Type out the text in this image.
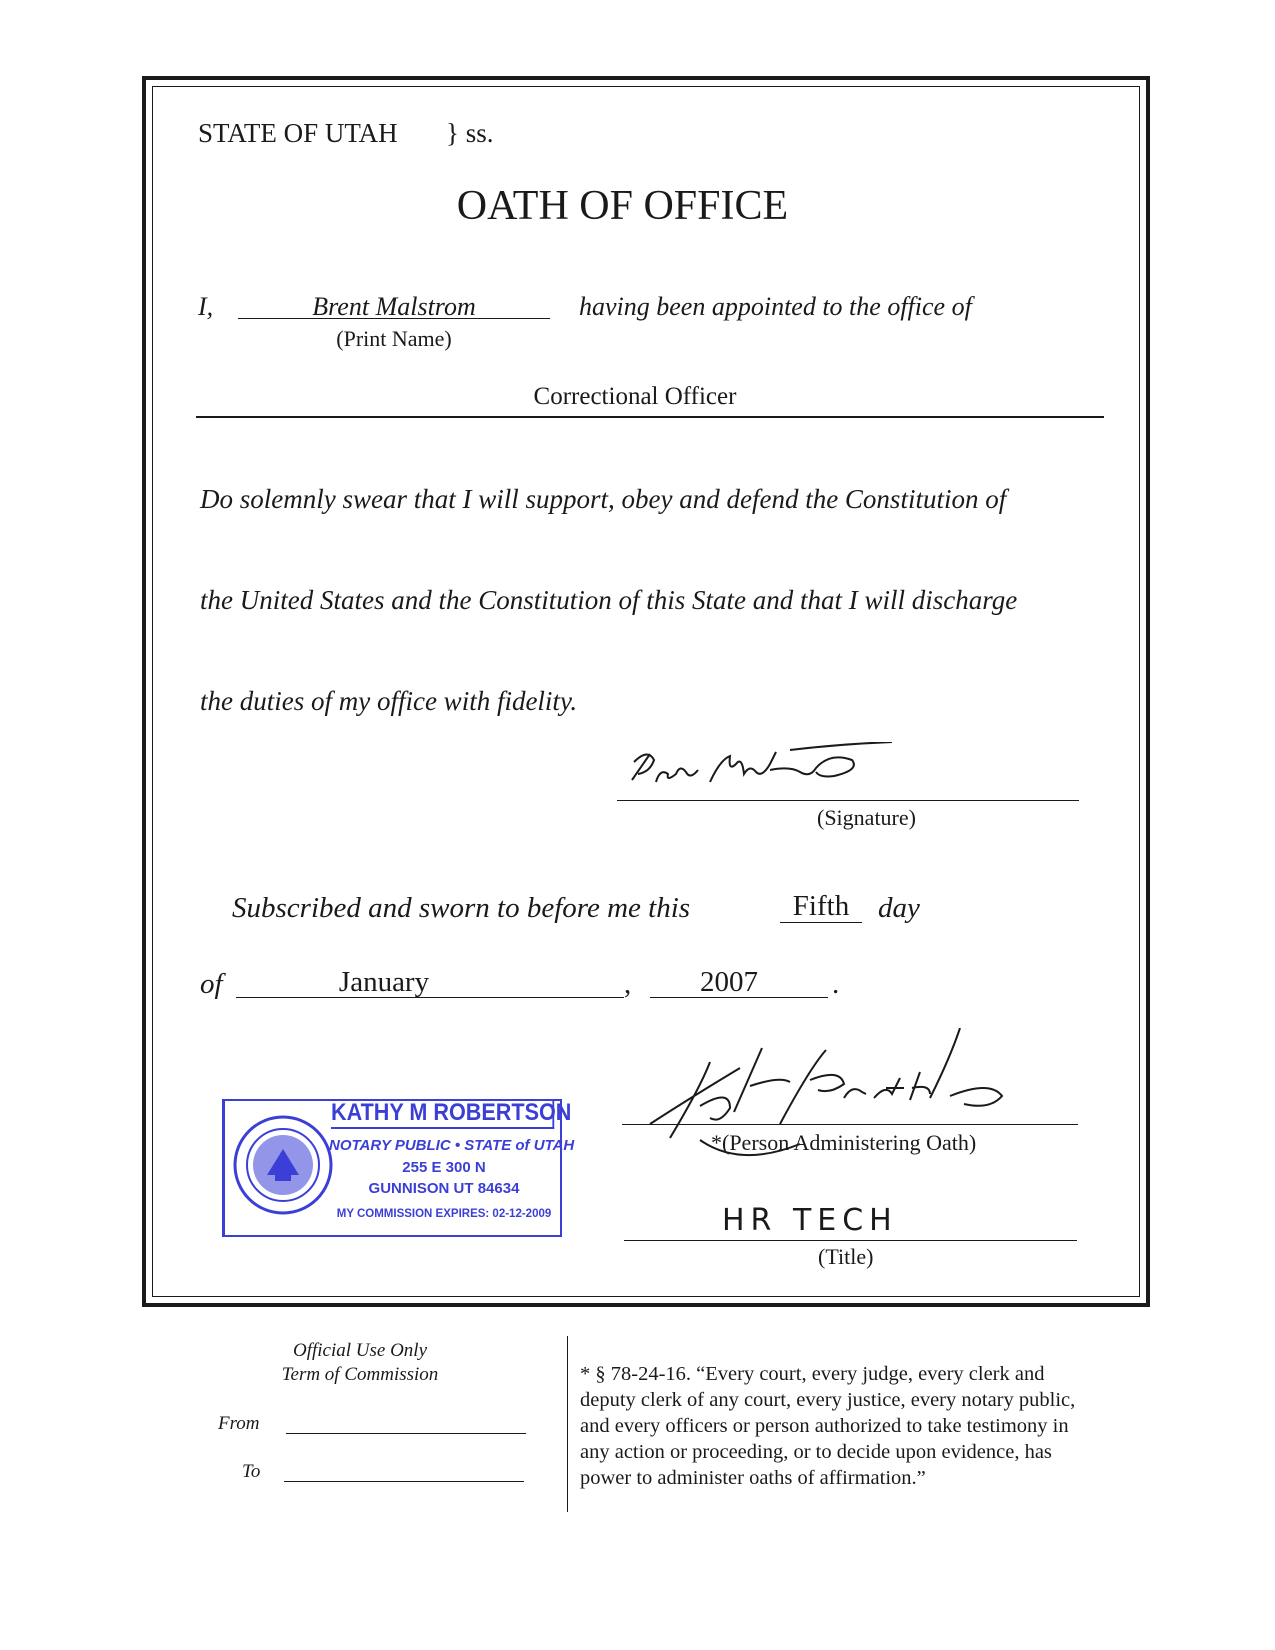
STATE OF UTAH } ss.
OATH OF OFFICE
I,	Brent Malstrom
(Print Name)
having been appointed to the office of
Correctional Officer
Do solemnly swear that I will support, obey and defend the Constitution of
the United States and the Constitution of this State and that I will discharge
the duties of my office with fidelity.
(Signature)
Subscribed and sworn to before me this	Fifth day
of	January	,	2007	.
KATHY M ROBERTSON
NOTARY PUBLIC • STATE of UTAH
255 E 300 N
GUNNISON UT 84634
MY COMMISSION EXPIRES: 02-12-2009
*(Person Administering Oath)
HR TECH
(Title)
Official Use Only
Term of Commission
From
To
* § 78-24-16. “Every court, every judge, every clerk and
deputy clerk of any court, every justice, every notary public,
and every officers or person authorized to take testimony in
any action or proceeding, or to decide upon evidence, has
power to administer oaths of affirmation.”
